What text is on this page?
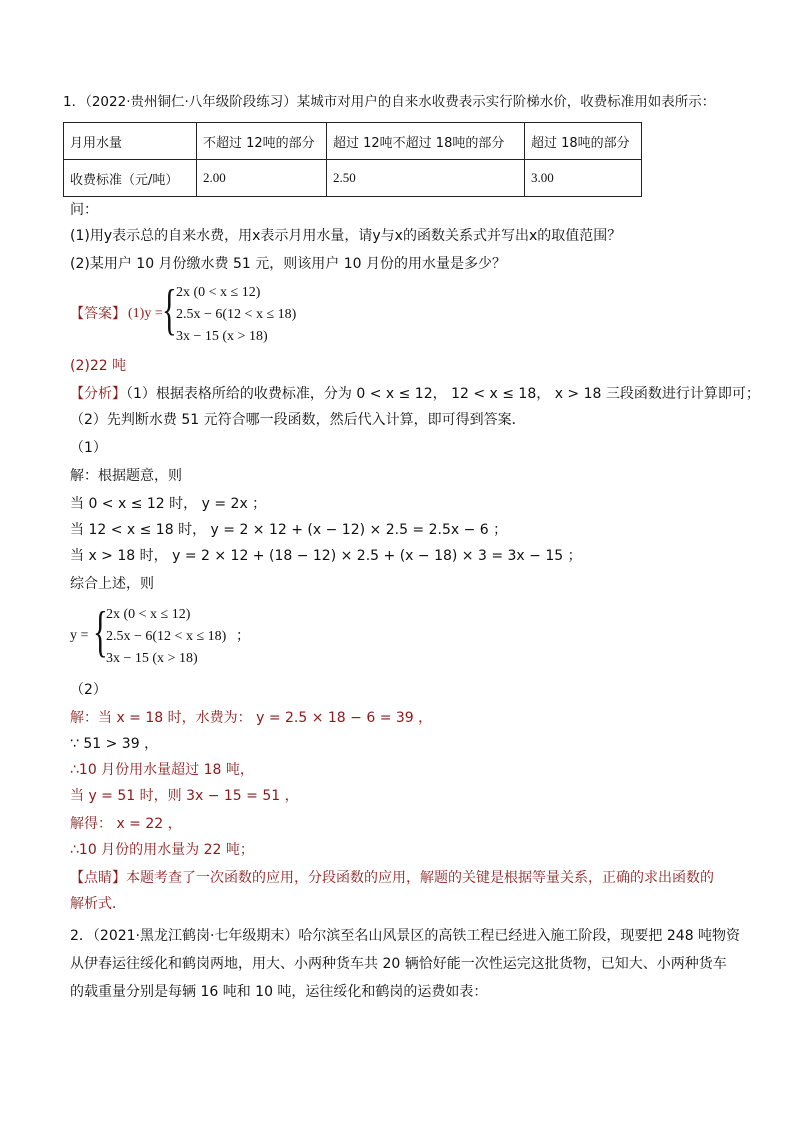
1．（2022·贵州铜仁·八年级阶段练习）某城市对用户的自来水收费表示实行阶梯水价，收费标准用如表所示：
月用水量	不超过 12吨的部分	超过 12吨不超过 18吨的部分	超过 18吨的部分
收费标准（元/吨）	2.00	2.50	3.00
问：
(1)用y表示总的自来水费，用x表示月用水量，请y与x的函数关系式并写出x的取值范围？
(2)某用户 10 月份缴水费 51 元，则该用户 10 月份的用水量是多少？
【答案】 (1)y = { 2x (0 < x ≤ 12)
2.5x − 6(12 < x ≤ 18)
3x − 15 (x > 18)
(2)22 吨
【分析】（1）根据表格所给的收费标准，分为 0 < x ≤ 12， 12 < x ≤ 18， x > 18 三段函数进行计算即可；
（2）先判断水费 51 元符合哪一段函数，然后代入计算，即可得到答案．
（1）
解：根据题意，则
当 0 < x ≤ 12 时， y = 2x ；
当 12 < x ≤ 18 时， y = 2 × 12 + (x − 12) × 2.5 = 2.5x − 6 ；
当 x > 18 时， y = 2 × 12 + (18 − 12) × 2.5 + (x − 18) × 3 = 3x − 15 ；
综合上述，则
y = {
2x (0 < x ≤ 12)
2.5x − 6(12 < x ≤ 18)
3x − 15 (x > 18)
；
（2）
解：当 x = 18 时，水费为： y = 2.5 × 18 − 6 = 39 ，
∵ 51 > 39 ，
∴10 月份用水量超过 18 吨，
当 y = 51 时，则 3x − 15 = 51 ，
解得： x = 22 ，
∴10 月份的用水量为 22 吨；
【点睛】本题考查了一次函数的应用，分段函数的应用，解题的关键是根据等量关系，正确的求出函数的
解析式．
2．（2021·黑龙江鹤岗·七年级期末）哈尔滨至名山风景区的高铁工程已经进入施工阶段，现要把 248 吨物资
从伊春运往绥化和鹤岗两地，用大、小两种货车共 20 辆恰好能一次性运完这批货物，已知大、小两种货车
的载重量分别是每辆 16 吨和 10 吨，运往绥化和鹤岗的运费如表：
